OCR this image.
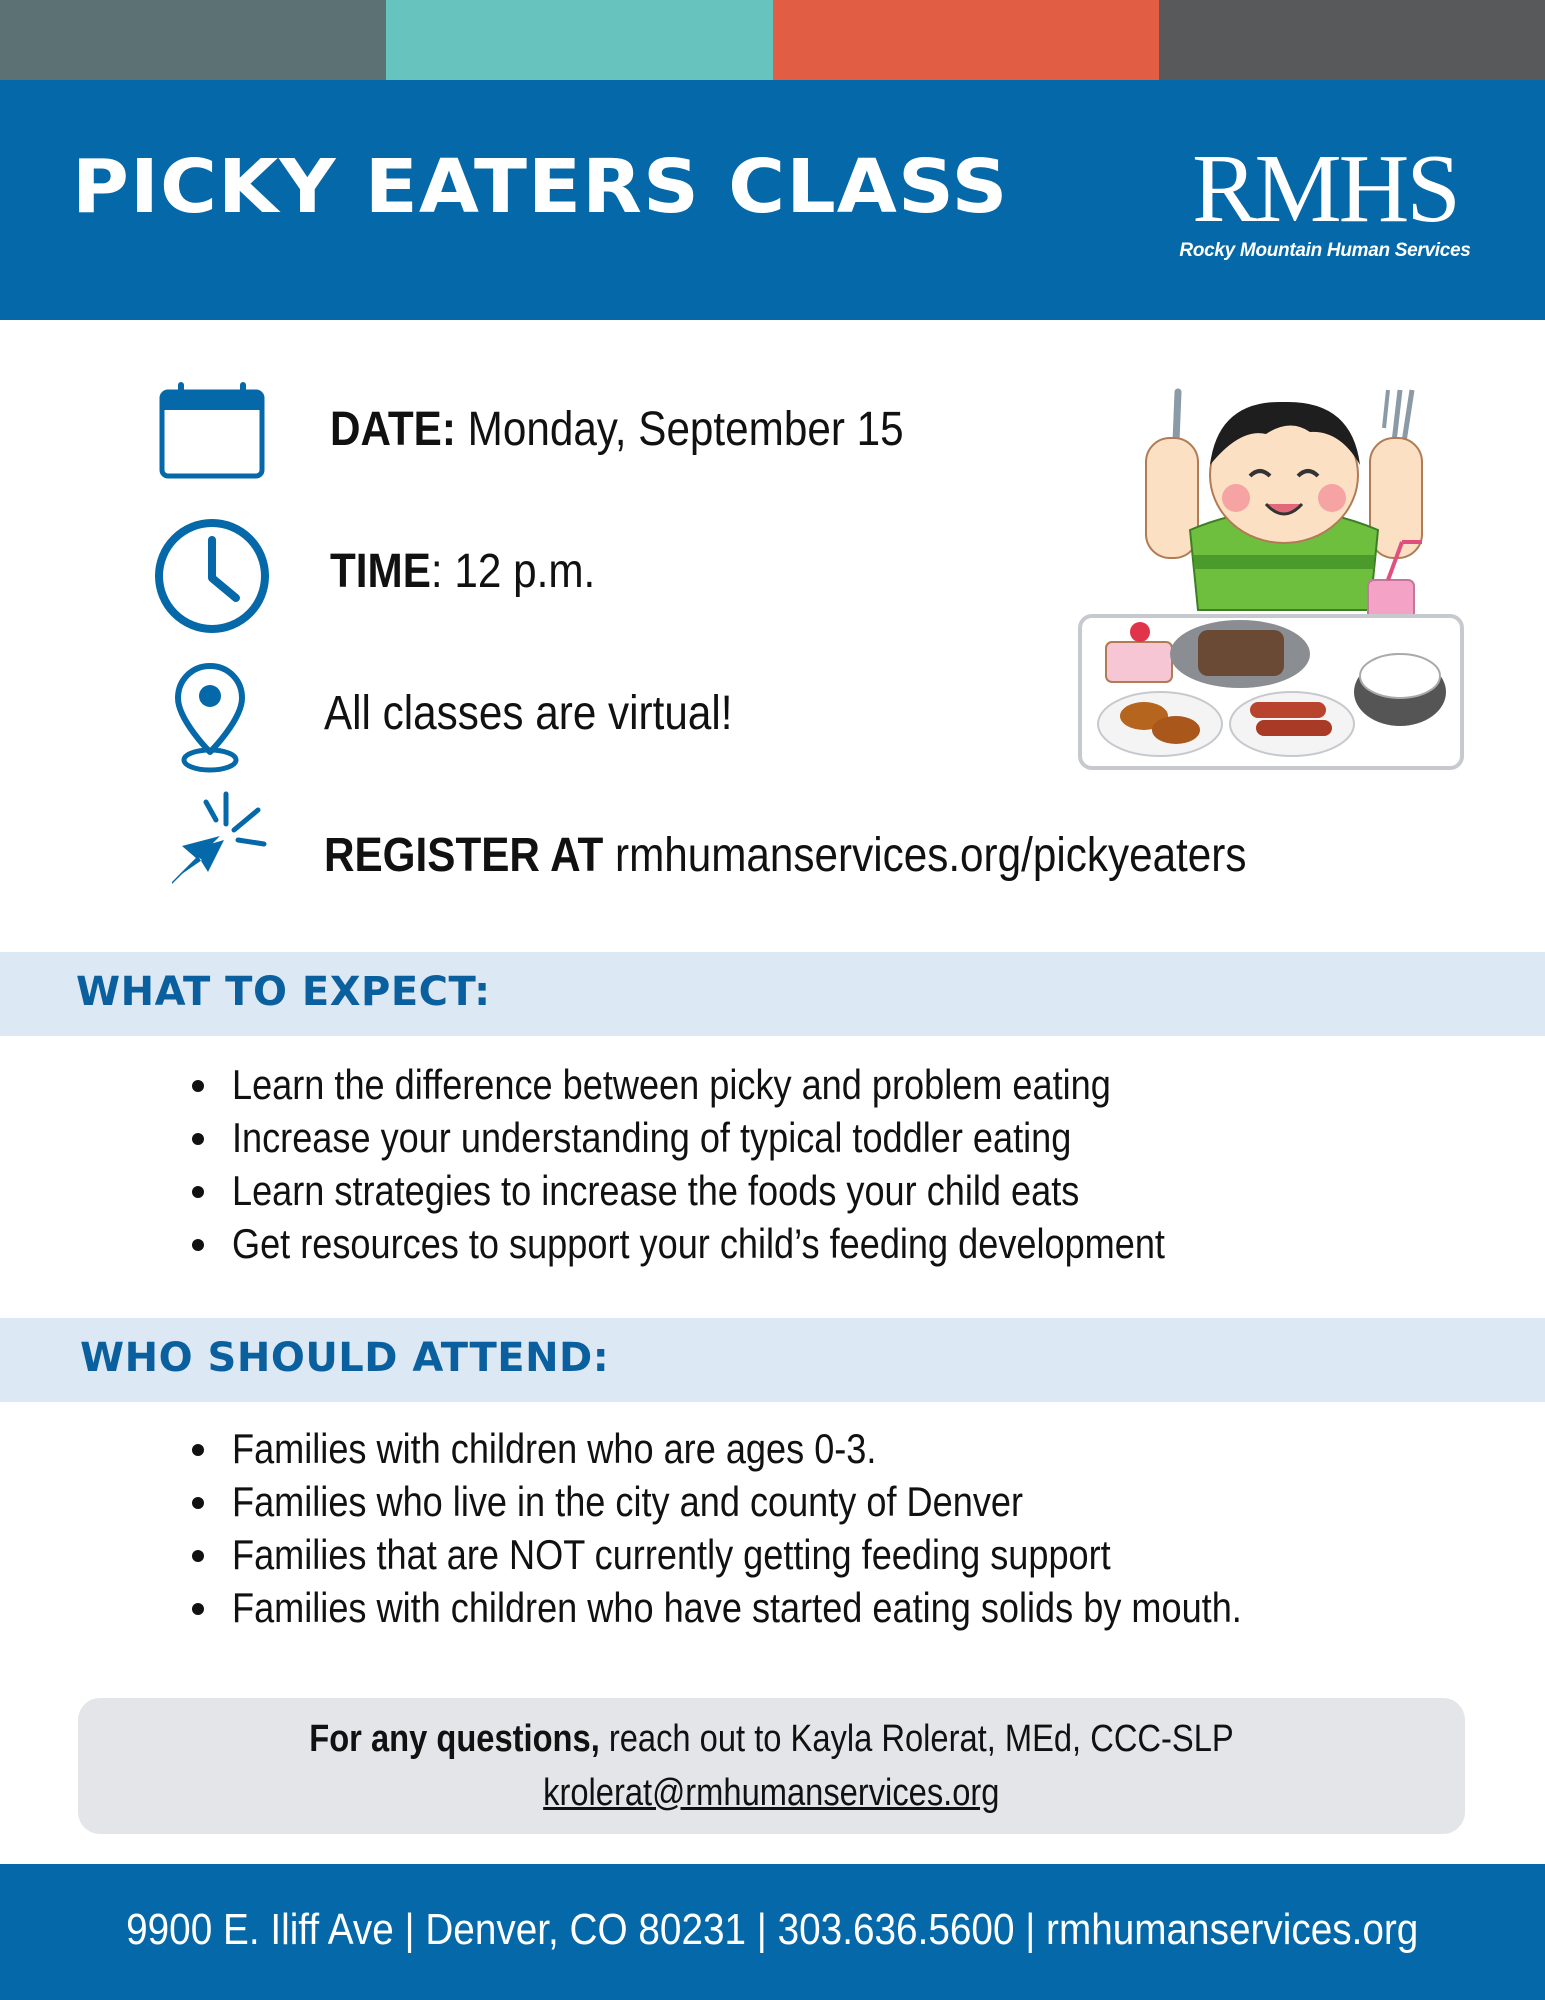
PICKY EATERS CLASS RMHS
Rocky Mountain Human Services
DATE: Monday, September 15
TIME: 12 p.m.
All classes are virtual!
REGISTER AT rmhumanservices.org/pickyeaters
WHAT TO EXPECT:
Learn the difference between picky and problem eating
Increase your understanding of typical toddler eating
Learn strategies to increase the foods your child eats
Get resources to support your child’s feeding development
WHO SHOULD ATTEND:
Families with children who are ages 0-3.
Families who live in the city and county of Denver
Families that are NOT currently getting feeding support
Families with children who have started eating solids by mouth.
For any questions, reach out to Kayla Rolerat, MEd, CCC-SLP
krolerat@rmhumanservices.org
9900 E. Iliff Ave | Denver, CO 80231 | 303.636.5600 | rmhumanservices.org
